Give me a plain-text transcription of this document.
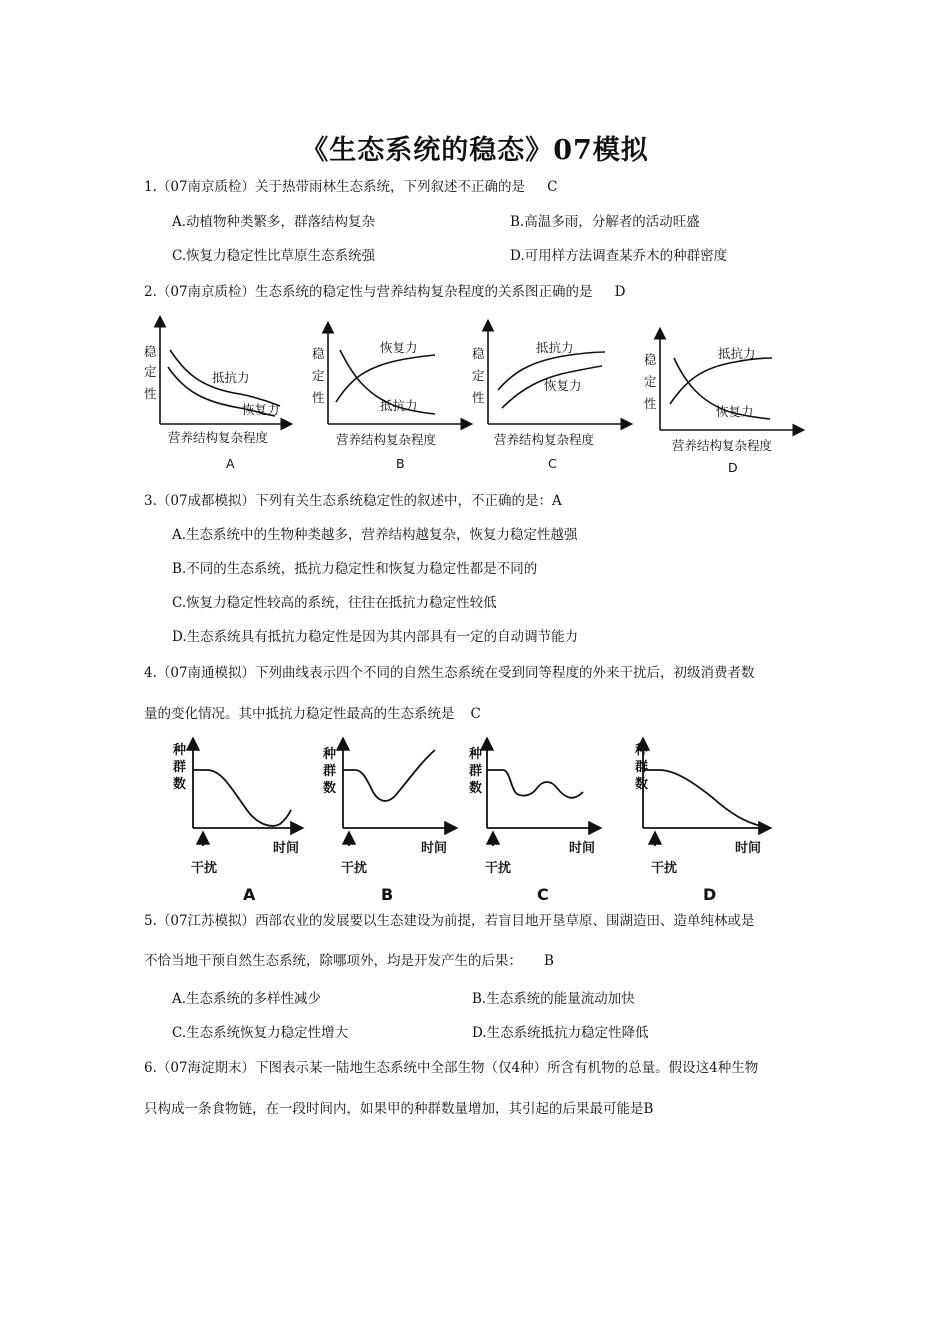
《生态系统的稳态》07模拟
1.（07南京质检）关于热带雨林生态系统，下列叙述不正确的是 C
A.动植物种类繁多，群落结构复杂	B.高温多雨，分解者的活动旺盛
C.恢复力稳定性比草原生态系统强	D.可用样方法调查某乔木的种群密度
2.（07南京质检）生态系统的稳定性与营养结构复杂程度的关系图正确的是 D
稳
定
性
抵抗力
恢复力
营养结构复杂程度
A
稳
定
性
恢复力
抵抗力
营养结构复杂程度
B
稳
定
性
抵抗力
恢复力
营养结构复杂程度
C
稳
定
性
抵抗力
恢复力
营养结构复杂程度
D
3.（07成都模拟）下列有关生态系统稳定性的叙述中，不正确的是：A
A.生态系统中的生物种类越多，营养结构越复杂，恢复力稳定性越强
B.不同的生态系统，抵抗力稳定性和恢复力稳定性都是不同的
C.恢复力稳定性较高的系统，往往在抵抗力稳定性较低
D.生态系统具有抵抗力稳定性是因为其内部具有一定的自动调节能力
4.（07南通模拟）下列曲线表示四个不同的自然生态系统在受到同等程度的外来干扰后，初级消费者数
量的变化情况。其中抵抗力稳定性最高的生态系统是 C
种
群
数
时间
干扰
A
种
群
数
时间
干扰
B
种
群
数
时间
干扰
C
种
群
数
时间
干扰
D
5.（07江苏模拟）西部农业的发展要以生态建设为前提，若盲目地开垦草原、围湖造田、造单纯林或是
不恰当地干预自然生态系统，除哪项外，均是开发产生的后果： B
A.生态系统的多样性减少	B.生态系统的能量流动加快
C.生态系统恢复力稳定性增大	D.生态系统抵抗力稳定性降低
6.（07海淀期末）下图表示某一陆地生态系统中全部生物（仅4种）所含有机物的总量。假设这4种生物
只构成一条食物链，在一段时间内，如果甲的种群数量增加，其引起的后果最可能是B
